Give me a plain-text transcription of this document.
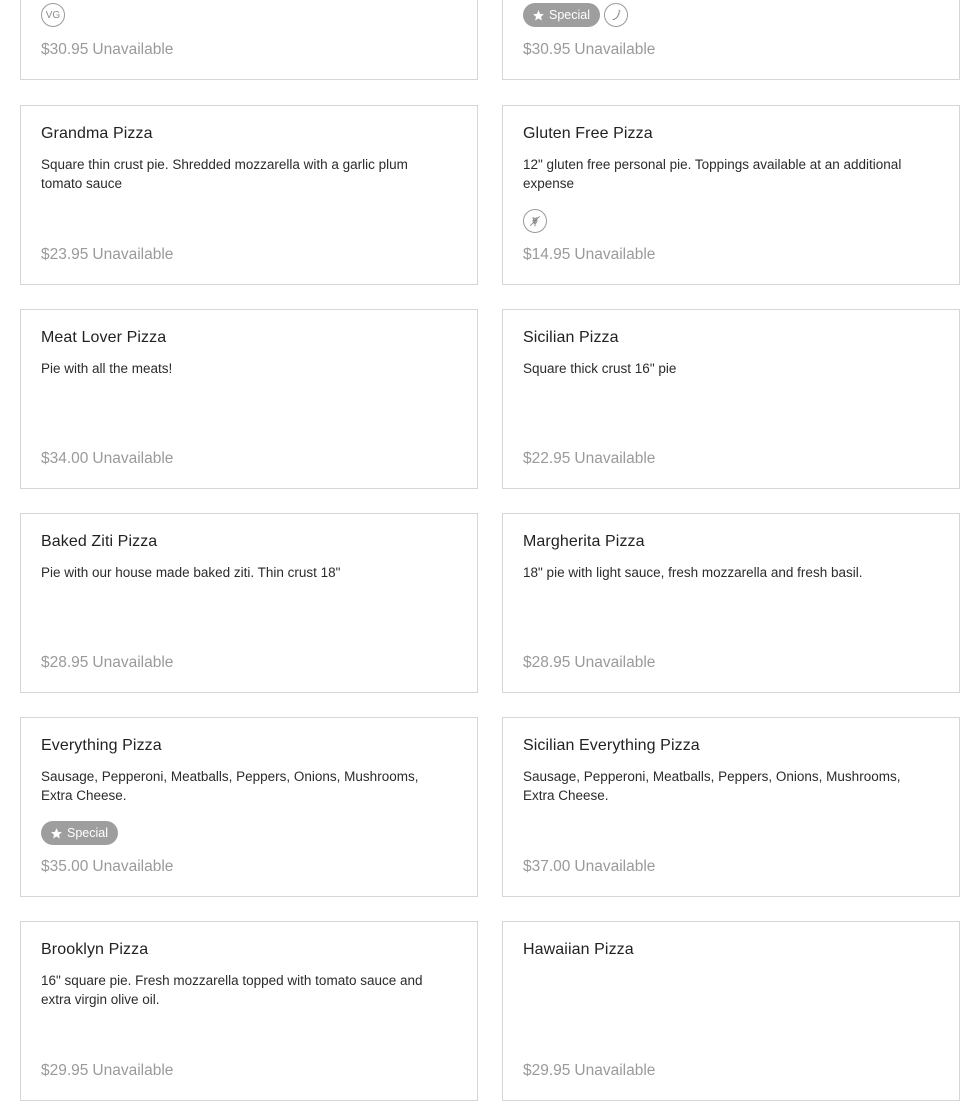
VG
$30.95 Unavailable
Special
$30.95 Unavailable
Grandma Pizza
Square thin crust pie. Shredded mozzarella with a garlic plum tomato sauce
$23.95 Unavailable
Gluten Free Pizza
12" gluten free personal pie. Toppings available at an additional expense
$14.95 Unavailable
Meat Lover Pizza
Pie with all the meats!
$34.00 Unavailable
Sicilian Pizza
Square thick crust 16" pie
$22.95 Unavailable
Baked Ziti Pizza
Pie with our house made baked ziti. Thin crust 18"
$28.95 Unavailable
Margherita Pizza
18" pie with light sauce, fresh mozzarella and fresh basil.
$28.95 Unavailable
Everything Pizza
Sausage, Pepperoni, Meatballs, Peppers, Onions, Mushrooms, Extra Cheese.
Special
$35.00 Unavailable
Sicilian Everything Pizza
Sausage, Pepperoni, Meatballs, Peppers, Onions, Mushrooms, Extra Cheese.
$37.00 Unavailable
Brooklyn Pizza
16" square pie. Fresh mozzarella topped with tomato sauce and extra virgin olive oil.
$29.95 Unavailable
Hawaiian Pizza
$29.95 Unavailable
